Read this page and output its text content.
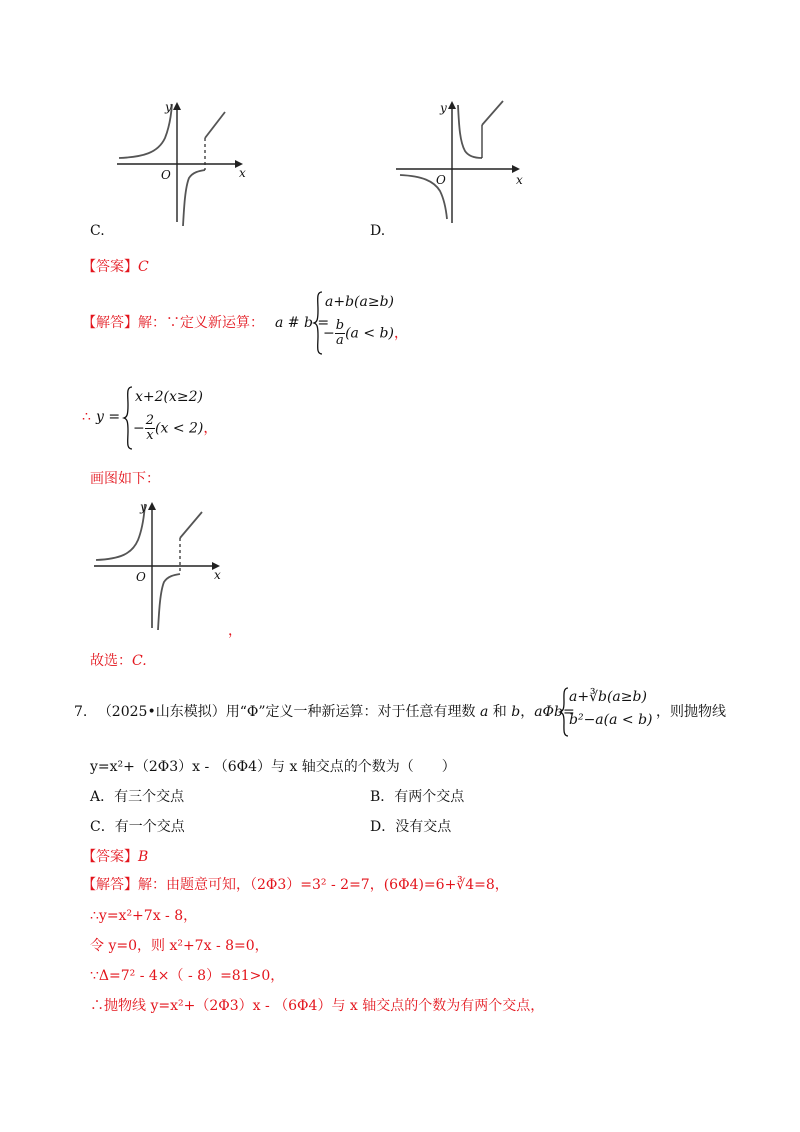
y
x
O
C.
y
x
O
D.
【答案】C
【解答】解：∵定义新运算： a # b =
a+b(a≥b)
− $\frac{b}{a} (a < b)$，
∴ y =
x+2(x≥2)
− $\frac{2}{x} (x < 2)$，
画图如下：
y
x
O
，
故选：C.
7. （2025•山东模拟）用“Φ”定义一种新运算：对于任意有理数 a 和 b，aΦb=
a+∛b(a≥b)
b²−a(a < b) ，则抛物线
y=x²+（2Φ3）x - （6Φ4）与 x 轴交点的个数为（　　）
A．有三个交点	B．有两个交点
C．有一个交点	D．没有交点
【答案】B
【解答】解：由题意可知，（2Φ3）=3² - 2=7，(6Φ4)=6+∛4=8，
∴y=x²+7x - 8，
令 y=0，则 x²+7x - 8=0，
∵Δ=7² - 4×（ - 8）=81>0，
∴抛物线 y=x²+（2Φ3）x - （6Φ4）与 x 轴交点的个数为有两个交点，
